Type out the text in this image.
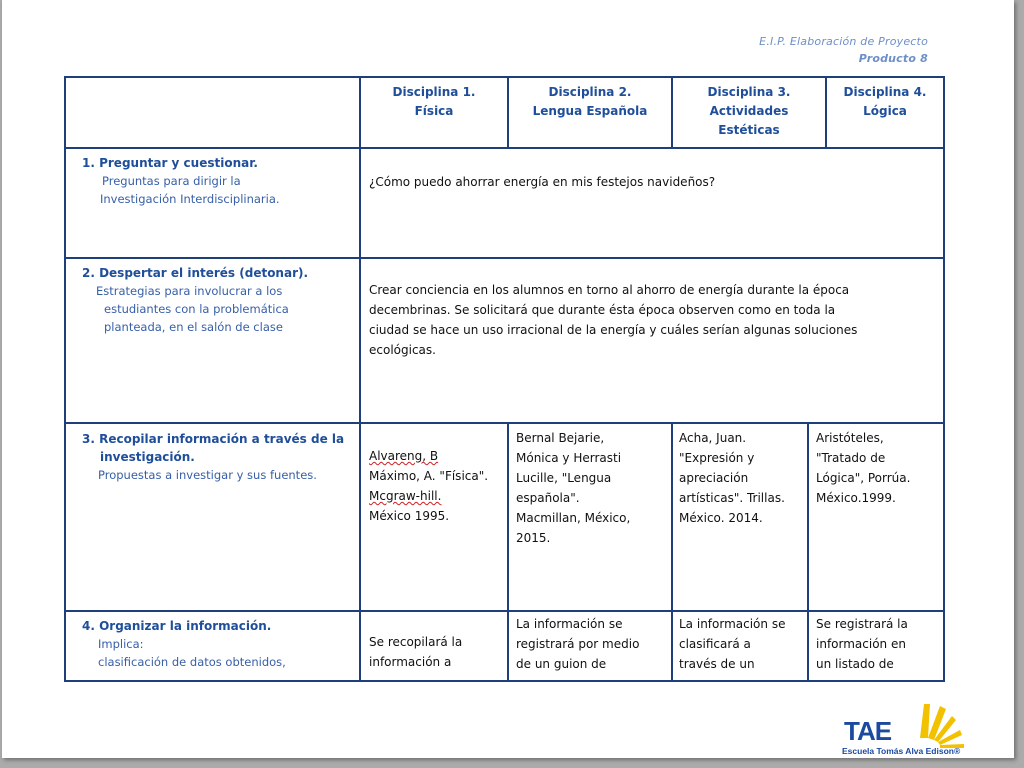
E.I.P. Elaboración de Proyecto
Producto 8
Disciplina 1.
Física
Disciplina 2.
Lengua Española
Disciplina 3.
Actividades
Estéticas
Disciplina 4.
Lógica
1. Preguntar y cuestionar.
Preguntas para dirigir la
Investigación Interdisciplinaria.
¿Cómo puedo ahorrar energía en mis festejos navideños?
2. Despertar el interés (detonar).
Estrategias para involucrar a los
estudiantes con la problemática
planteada, en el salón de clase
Crear conciencia en los alumnos en torno al ahorro de energía durante la época
decembrinas. Se solicitará que durante ésta época observen como en toda la
ciudad se hace un uso irracional de la energía y cuáles serían algunas soluciones
ecológicas.
3. Recopilar información a través de la
investigación.
Propuestas a investigar y sus fuentes.
Alvareng, B
Máximo, A. "Física".
Mcgraw-hill.
México 1995.
Bernal Bejarie,
Mónica y Herrasti
Lucille, "Lengua
española".
Macmillan, México,
2015.
Acha, Juan.
"Expresión y
apreciación
artísticas". Trillas.
México. 2014.
Aristóteles,
"Tratado de
Lógica", Porrúa.
México.1999.
4. Organizar la información.
Implica:
clasificación de datos obtenidos,
Se recopilará la
información a
La información se
registrará por medio
de un guion de
La información se
clasificará a
través de un
Se registrará la
información en
un listado de
TAE
Escuela Tomás Alva Edison®
